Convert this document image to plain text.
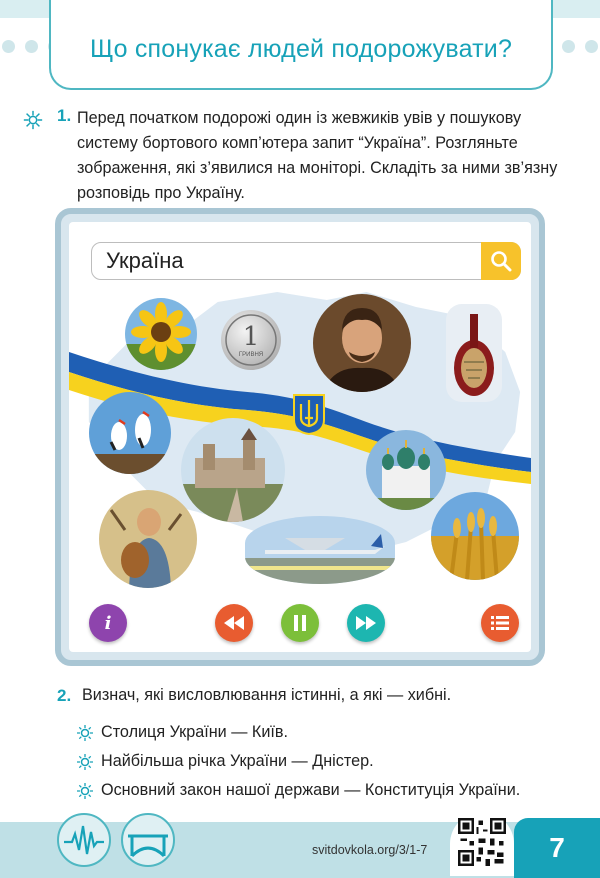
Що спонукає людей подорожувати?
1. Перед початком подорожі один із жевжиків увів у пошукову систему бортового комп’ютера запит “Україна”. Розгляньте зображення, які з’явилися на моніторі. Складіть за ними зв’язну розповідь про Україну.

Україна
1
ГРИВНЯ
i
2. Визнач, які висловлювання істинні, а які — хибні.

Столиця України — Київ.
Найбільша річка України — Дністер.
Основний закон нашої держави — Конституція України.
svitdovkola.org/3/1-7	7
